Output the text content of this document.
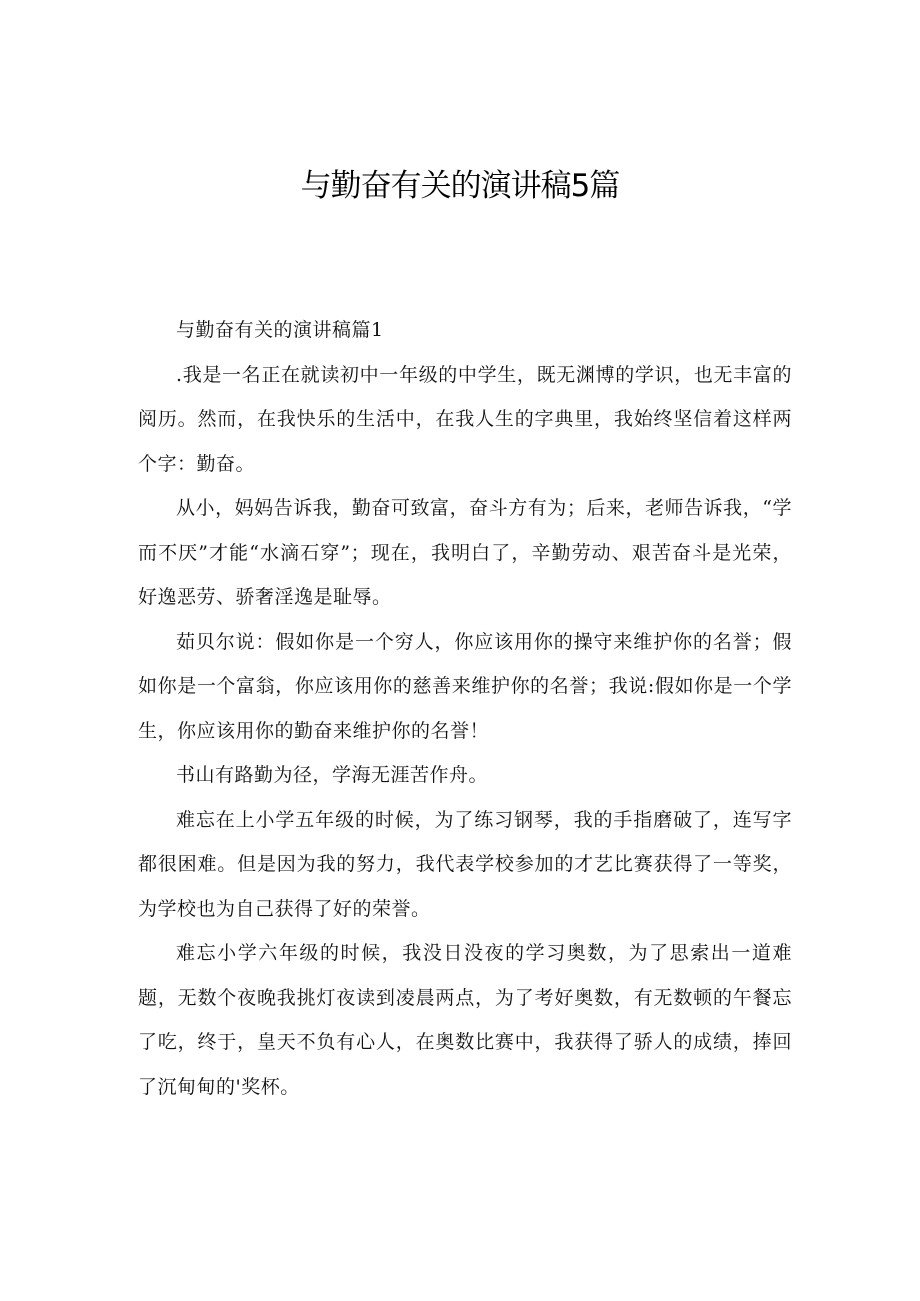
与勤奋有关的演讲稿5篇

与勤奋有关的演讲稿篇1

.我是一名正在就读初中一年级的中学生，既无渊博的学识，也无丰富的阅历。然而，在我快乐的生活中，在我人生的字典里，我始终坚信着这样两个字：勤奋。

从小，妈妈告诉我，勤奋可致富，奋斗方有为；后来，老师告诉我，“学而不厌”才能“水滴石穿”；现在，我明白了，辛勤劳动、艰苦奋斗是光荣，好逸恶劳、骄奢淫逸是耻辱。

茹贝尔说：假如你是一个穷人，你应该用你的操守来维护你的名誉；假如你是一个富翁，你应该用你的慈善来维护你的名誉；我说:假如你是一个学生，你应该用你的勤奋来维护你的名誉！

书山有路勤为径，学海无涯苦作舟。

难忘在上小学五年级的时候，为了练习钢琴，我的手指磨破了，连写字都很困难。但是因为我的努力，我代表学校参加的才艺比赛获得了一等奖，为学校也为自己获得了好的荣誉。

难忘小学六年级的时候，我没日没夜的学习奥数，为了思索出一道难题，无数个夜晚我挑灯夜读到凌晨两点，为了考好奥数，有无数顿的午餐忘了吃，终于，皇天不负有心人，在奥数比赛中，我获得了骄人的成绩，捧回了沉甸甸的'奖杯。
